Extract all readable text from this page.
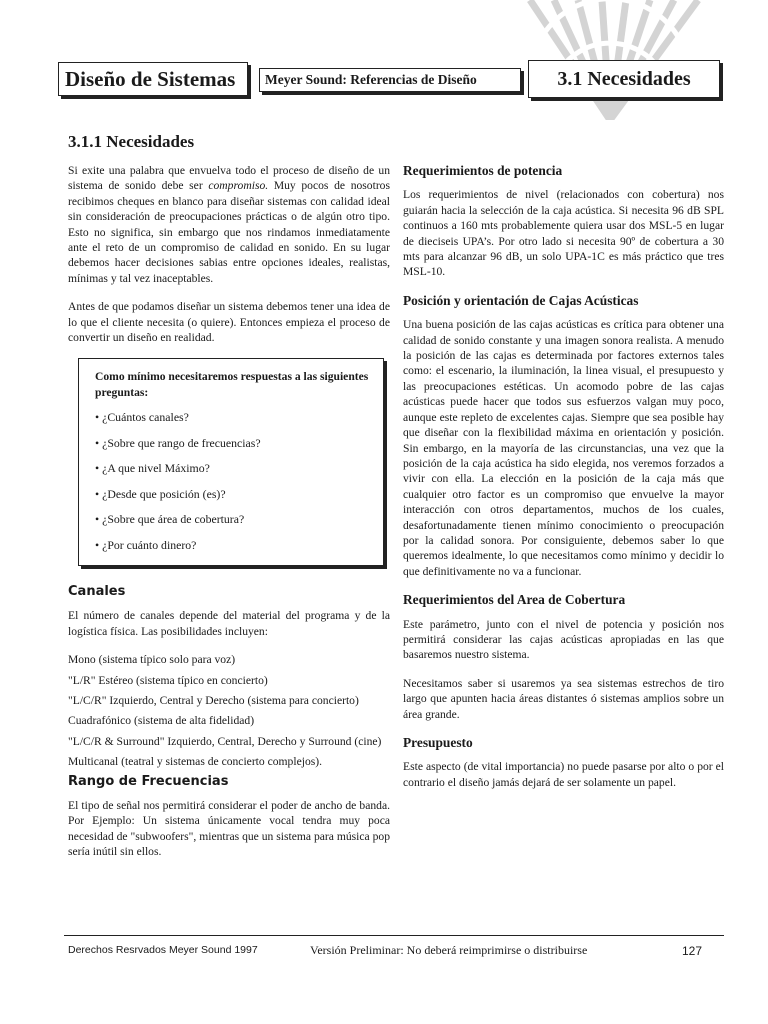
Diseño de Sistemas	Meyer Sound: Referencias de Diseño	3.1 Necesidades
3.1.1 Necesidades

Si exite una palabra que envuelva todo el proceso de diseño de un sistema de sonido debe ser compromiso. Muy pocos de nosotros recibimos cheques en blanco para diseñar sistemas con calidad ideal sin consideración de preocupaciones prácticas o de algún otro tipo. Esto no significa, sin embargo que nos rindamos inmediatamente ante el reto de un compromiso de calidad en sonido. En su lugar debemos hacer decisiones sabias entre opciones ideales, realistas, mínimas y tal vez inaceptables.

Antes de que podamos diseñar un sistema debemos tener una idea de lo que el cliente necesita (o quiere). Entonces empieza el proceso de convertir un diseño en realidad.

Como mínimo necesitaremos respuestas a las siguientes preguntas:
• ¿Cuántos canales?
• ¿Sobre que rango de frecuencias?
• ¿A que nivel Máximo?
• ¿Desde que posición (es)?
• ¿Sobre que área de cobertura?
• ¿Por cuánto dinero?
Canales

El número de canales depende del material del programa y de la logística física. Las posibilidades incluyen:

Mono (sistema típico solo para voz)

"L/R" Estéreo (sistema típico en concierto)

"L/C/R" Izquierdo, Central y Derecho (sistema para concierto)

Cuadrafónico (sistema de alta fidelidad)

"L/C/R & Surround" Izquierdo, Central, Derecho y Surround (cine)

Multicanal (teatral y sistemas de concierto complejos).

Rango de Frecuencias

El tipo de señal nos permitirá considerar el poder de ancho de banda. Por Ejemplo: Un sistema únicamente vocal tendra muy poca necesidad de "subwoofers", mientras que un sistema para música pop sería inútil sin ellos.

Requerimientos de potencia

Los requerimientos de nivel (relacionados con cobertura) nos guiarán hacia la selección de la caja acústica. Si necesita 96 dB SPL continuos a 160 mts probablemente quiera usar dos MSL-5 en lugar de dieciseis UPA’s. Por otro lado si necesita 90º de cobertura a 30 mts para alcanzar 96 dB, un solo UPA-1C es más práctico que tres MSL-10.

Posición y orientación de Cajas Acústicas

Una buena posición de las cajas acústicas es crítica para obtener una calidad de sonido constante y una imagen sonora realista. A menudo la posición de las cajas es determinada por factores externos tales como: el escenario, la iluminación, la linea visual, el presupuesto y las preocupaciones estéticas. Un acomodo pobre de las cajas acústicas puede hacer que todos sus esfuerzos valgan muy poco, aunque este repleto de excelentes cajas. Siempre que sea posible hay que diseñar con la flexibilidad máxima en orientación y posición. Sin embargo, en la mayoría de las circunstancias, una vez que la posición de la caja acústica ha sido elegida, nos veremos forzados a vivir con ella. La elección en la posición de la caja más que cualquier otro factor es un compromiso que envuelve la mayor interacción con otros departamentos, muchos de los cuales, desafortunadamente tienen mínimo conocimiento o preocupación por la calidad sonora. Por consiguiente, debemos saber lo que queremos idealmente, lo que necesitamos como mínimo y decidir lo que definitivamente no va a funcionar.

Requerimientos del Area de Cobertura

Este parámetro, junto con el nivel de potencia y posición nos permitirá considerar las cajas acústicas apropiadas en las que basaremos nuestro sistema.

Necesitamos saber si usaremos ya sea sistemas estrechos de tiro largo que apunten hacia áreas distantes ó sistemas amplios sobre un área grande.

Presupuesto

Este aspecto (de vital importancia) no puede pasarse por alto o por el contrario el diseño jamás dejará de ser solamente un papel.

Derechos Resrvados Meyer Sound 1997	Versión Preliminar: No deberá reimprimirse o distribuirse	127
